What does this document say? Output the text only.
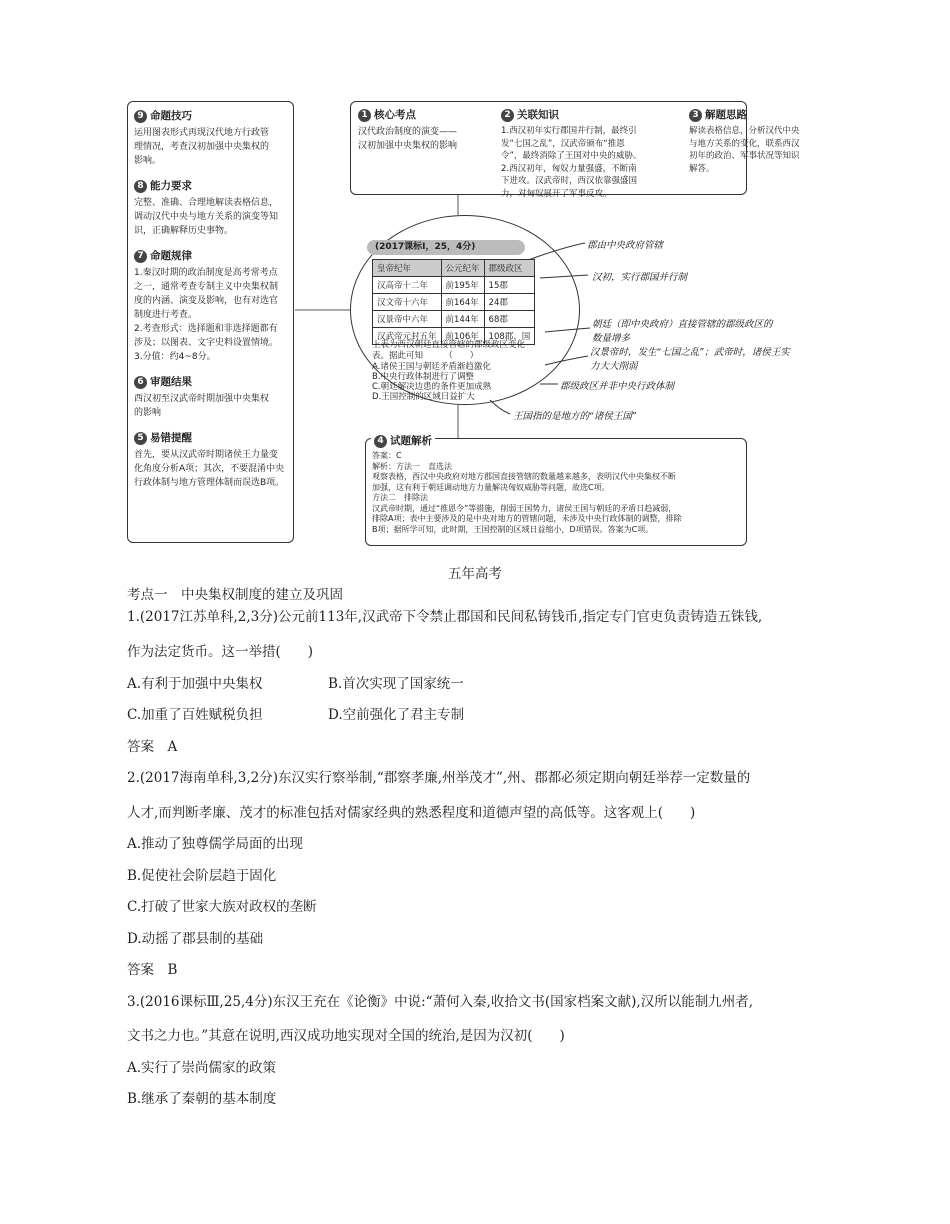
9 命题技巧
运用图表形式再现汉代地方行政管
理情况，考查汉初加强中央集权的
影响。
8 能力要求
完整、准确、合理地解读表格信息，
调动汉代中央与地方关系的演变等知
识，正确解释历史事物。
7 命题规律
1.秦汉时期的政治制度是高考常考点
之一，通常考查专制主义中央集权制
度的内涵、演变及影响，也有对选官
制度进行考查。
2.考查形式：选择题和非选择题都有
涉及；以图表、文字史料设置情境。
3.分值：约4~8分。
6 审题结果
西汉初至汉武帝时期加强中央集权
的影响
5 易错提醒
首先，要从汉武帝时期诸侯王力量变
化角度分析A项；其次，不要混淆中央
行政体制与地方管理体制而误选B项。
1 核心考点
汉代政治制度的演变——
汉初加强中央集权的影响
2 关联知识
1.西汉初年实行郡国并行制，最终引
发“七国之乱”，汉武帝颁布“推恩
令”，最终消除了王国对中央的威胁。
2.西汉初年，匈奴力量强盛，不断南
下进攻。汉武帝时，西汉依靠强盛国
力，对匈奴展开了军事反攻。
3 解题思路
解读表格信息，分析汉代中央
与地方关系的变化，联系西汉
初年的政治、军事状况等知识
解答。
(2017课标Ⅰ，25，4分)
皇帝纪年	公元纪年	郡级政区
汉高帝十二年	前195年	15郡
汉文帝十六年	前164年	24郡
汉景帝中六年	前144年	68郡
汉武帝元封五年	前106年	108郡、国
上表为西汉朝廷直接管辖的郡级政区变化
表。据此可知　　　（　　）
A.诸侯王国与朝廷矛盾渐趋激化
B.中央行政体制进行了调整
C.朝廷解决边患的条件更加成熟
D.王国控制的区域日益扩大
郡由中央政府管辖
汉初，实行郡国并行制
朝廷（即中央政府）直接管辖的郡级政区的数量增多
汉景帝时，发生“七国之乱”；武帝时，诸侯王实力大大削弱
郡级政区并非中央行政体制
王国指的是地方的“诸侯王国”
4 试题解析
答案：C
解析：方法一　直选法
观察表格，西汉中央政府对地方郡国直接管辖的数量越来越多，表明汉代中央集权不断
加强，这有利于朝廷调动地方力量解决匈奴威胁等问题，故选C项。
方法二　排除法
汉武帝时期，通过“推恩令”等措施，削弱王国势力，诸侯王国与朝廷的矛盾日趋减弱，
排除A项；表中主要涉及的是中央对地方的管辖问题，未涉及中央行政体制的调整，排除
B项；据所学可知，此时期，王国控制的区域日益缩小，D项错误。答案为C项。
五年高考
考点一　中央集权制度的建立及巩固
1.(2017江苏单科,2,3分)公元前113年,汉武帝下令禁止郡国和民间私铸钱币,指定专门官吏负责铸造五铢钱,
作为法定货币。这一举措(　　)
A.有利于加强中央集权	B.首次实现了国家统一
C.加重了百姓赋税负担	D.空前强化了君主专制
答案　A
2.(2017海南单科,3,2分)东汉实行察举制,“郡察孝廉,州举茂才”,州、郡都必须定期向朝廷举荐一定数量的
人才,而判断孝廉、茂才的标准包括对儒家经典的熟悉程度和道德声望的高低等。这客观上(　　)
A.推动了独尊儒学局面的出现
B.促使社会阶层趋于固化
C.打破了世家大族对政权的垄断
D.动摇了郡县制的基础
答案　B
3.(2016课标Ⅲ,25,4分)东汉王充在《论衡》中说:“萧何入秦,收拾文书(国家档案文献),汉所以能制九州者,
文书之力也。”其意在说明,西汉成功地实现对全国的统治,是因为汉初(　　)
A.实行了崇尚儒家的政策
B.继承了秦朝的基本制度
